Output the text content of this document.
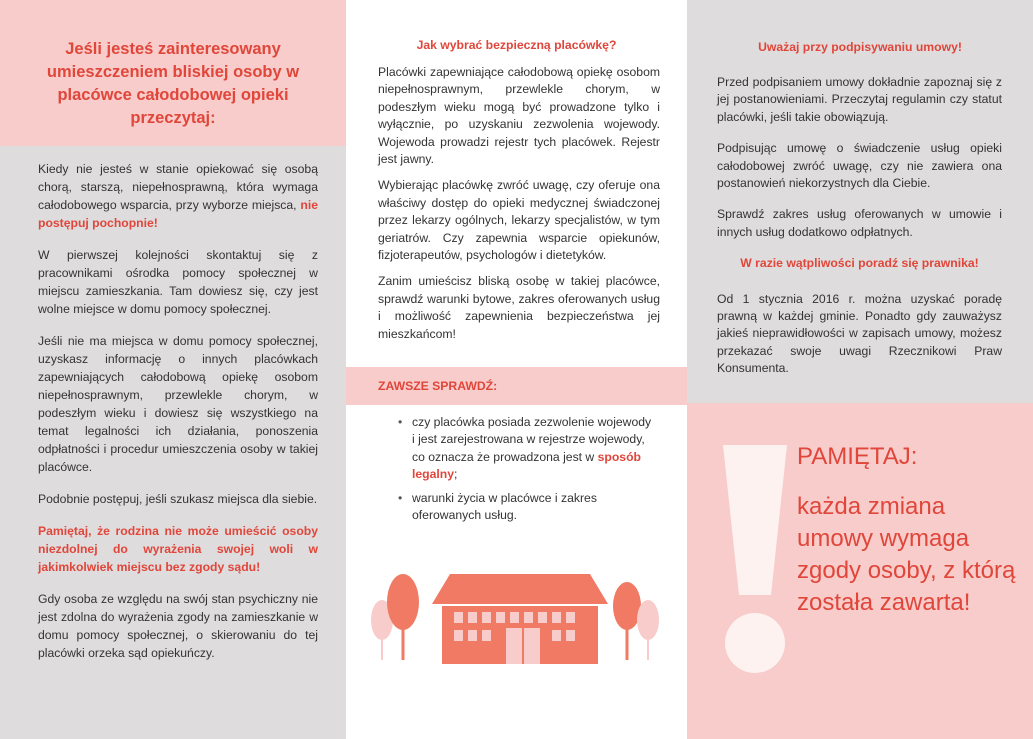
Jeśli jesteś zainteresowany umieszczeniem bliskiej osoby w placówce całodobowej opieki przeczytaj:

Kiedy nie jesteś w stanie opiekować się osobą chorą, starszą, niepełnosprawną, która wymaga całodobowego wsparcia, przy wyborze miejsca, nie postępuj pochopnie!

W pierwszej kolejności skontaktuj się z pracownikami ośrodka pomocy społecznej w miejscu zamieszkania. Tam dowiesz się, czy jest wolne miejsce w domu pomocy społecznej.

Jeśli nie ma miejsca w domu pomocy społecznej, uzyskasz informację o innych placówkach zapewniających całodobową opiekę osobom niepełnosprawnym, przewlekle chorym, w podeszłym wieku i dowiesz się wszystkiego na temat legalności ich działania, ponoszenia odpłatności i procedur umieszczenia osoby w takiej placówce.

Podobnie postępuj, jeśli szukasz miejsca dla siebie.

Pamiętaj, że rodzina nie może umieścić osoby niezdolnej do wyrażenia swojej woli w jakimkolwiek miejscu bez zgody sądu!

Gdy osoba ze względu na swój stan psychiczny nie jest zdolna do wyrażenia zgody na zamieszkanie w domu pomocy społecznej, o skierowaniu do tej placówki orzeka sąd opiekuńczy.

Jak wybrać bezpieczną placówkę?

Placówki zapewniające całodobową opiekę osobom niepełnosprawnym, przewlekle chorym, w podeszłym wieku mogą być prowadzone tylko i wyłącznie, po uzyskaniu zezwolenia wojewody. Wojewoda prowadzi rejestr tych placówek. Rejestr jest jawny.

Wybierając placówkę zwróć uwagę, czy oferuje ona właściwy dostęp do opieki medycznej świadczonej przez lekarzy ogólnych, lekarzy specjalistów, w tym geriatrów. Czy zapewnia wsparcie opiekunów, fizjoterapeutów, psychologów i dietetyków.

Zanim umieścisz bliską osobę w takiej placówce, sprawdź warunki bytowe, zakres oferowanych usług i możliwość zapewnienia bezpieczeństwa jej mieszkańcom!

ZAWSZE SPRAWDŹ:
• czy placówka posiada zezwolenie wojewody i jest zarejestrowana w rejestrze wojewody, co oznacza że prowadzona jest w sposób legalny;
• warunki życia w placówce i zakres oferowanych usług.
Uważaj przy podpisywaniu umowy!

Przed podpisaniem umowy dokładnie zapoznaj się z jej postanowieniami. Przeczytaj regulamin czy statut placówki, jeśli takie obowiązują.

Podpisując umowę o świadczenie usług opieki całodobowej zwróć uwagę, czy nie zawiera ona postanowień niekorzystnych dla Ciebie.

Sprawdź zakres usług oferowanych w umowie i innych usług dodatkowo odpłatnych.

W razie wątpliwości poradź się prawnika!

Od 1 stycznia 2016 r. można uzyskać poradę prawną w każdej gminie. Ponadto gdy zauważysz jakieś nieprawidłowości w zapisach umowy, możesz przekazać swoje uwagi Rzecznikowi Praw Konsumenta.

PAMIĘTAJ:
każda zmiana umowy wymaga zgody osoby, z którą została zawarta!
